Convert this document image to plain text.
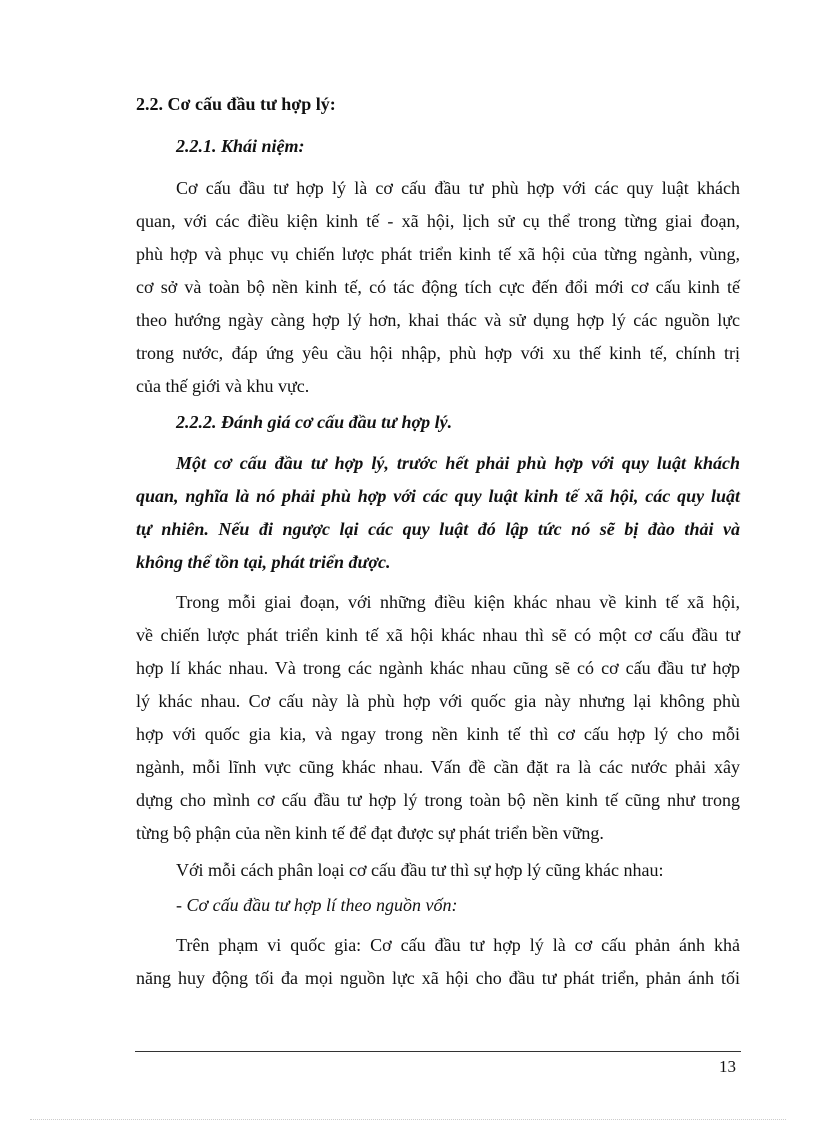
2.2. Cơ cấu đầu tư hợp lý:
2.2.1. Khái niệm:
Cơ cấu đầu tư hợp lý là cơ cấu đầu tư phù hợp với các quy luật khách
quan, với các điều kiện kinh tế - xã hội, lịch sử cụ thể trong từng giai đoạn,
phù hợp và phục vụ chiến lược phát triển kinh tế xã hội của từng ngành, vùng,
cơ sở và toàn bộ nền kinh tế, có tác động tích cực đến đổi mới cơ cấu kinh tế
theo hướng ngày càng hợp lý hơn, khai thác và sử dụng hợp lý các nguồn lực
trong nước, đáp ứng yêu cầu hội nhập, phù hợp với xu thế kinh tế, chính trị
của thế giới và khu vực.
2.2.2. Đánh giá cơ cấu đầu tư hợp lý.
Một cơ cấu đầu tư hợp lý, trước hết phải phù hợp với quy luật khách
quan, nghĩa là nó phải phù hợp với các quy luật kinh tế xã hội, các quy luật
tự nhiên. Nếu đi ngược lại các quy luật đó lập tức nó sẽ bị đào thải và
không thể tồn tại, phát triển được.
Trong mỗi giai đoạn, với những điều kiện khác nhau về kinh tế xã hội,
về chiến lược phát triển kinh tế xã hội khác nhau thì sẽ có một cơ cấu đầu tư
hợp lí khác nhau. Và trong các ngành khác nhau cũng sẽ có cơ cấu đầu tư hợp
lý khác nhau. Cơ cấu này là phù hợp với quốc gia này nhưng lại không phù
hợp với quốc gia kia, và ngay trong nền kinh tế thì cơ cấu hợp lý cho mỗi
ngành, mỗi lĩnh vực cũng khác nhau. Vấn đề cần đặt ra là các nước phải xây
dựng cho mình cơ cấu đầu tư hợp lý trong toàn bộ nền kinh tế cũng như trong
từng bộ phận của nền kinh tế để đạt được sự phát triển bền vững.
Với mỗi cách phân loại cơ cấu đầu tư thì sự hợp lý cũng khác nhau:
- Cơ cấu đầu tư hợp lí theo nguồn vốn:
Trên phạm vi quốc gia: Cơ cấu đầu tư hợp lý là cơ cấu phản ánh khả
năng huy động tối đa mọi nguồn lực xã hội cho đầu tư phát triển, phản ánh tối
13
